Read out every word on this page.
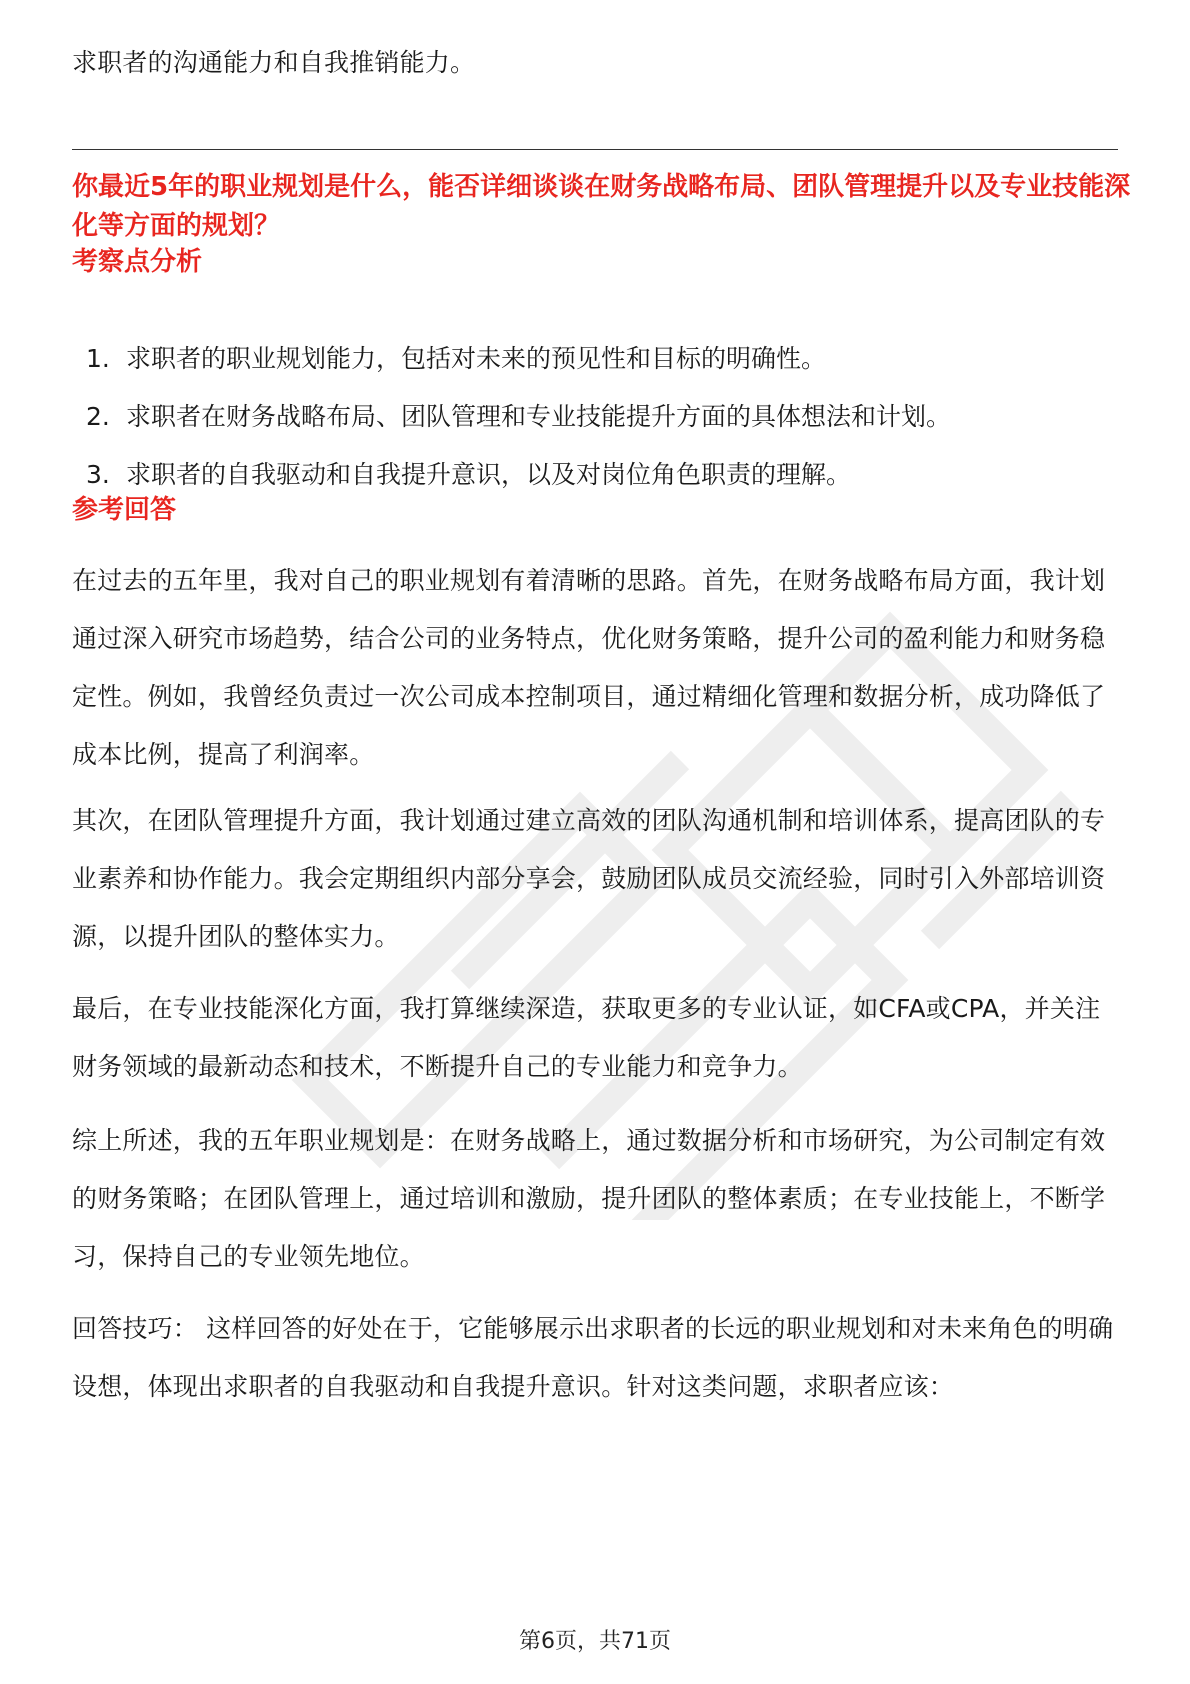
求职者的沟通能力和自我推销能力。
你最近5年的职业规划是什么，能否详细谈谈在财务战略布局、团队管理提升以及专业技能深化等方面的规划？
考察点分析
1. 求职者的职业规划能力，包括对未来的预见性和目标的明确性。
2. 求职者在财务战略布局、团队管理和专业技能提升方面的具体想法和计划。
3. 求职者的自我驱动和自我提升意识，以及对岗位角色职责的理解。
参考回答
在过去的五年里，我对自己的职业规划有着清晰的思路。首先，在财务战略布局方面，我计划通过深入研究市场趋势，结合公司的业务特点，优化财务策略，提升公司的盈利能力和财务稳定性。例如，我曾经负责过一次公司成本控制项目，通过精细化管理和数据分析，成功降低了成本比例，提高了利润率。
其次，在团队管理提升方面，我计划通过建立高效的团队沟通机制和培训体系，提高团队的专业素养和协作能力。我会定期组织内部分享会，鼓励团队成员交流经验，同时引入外部培训资源，以提升团队的整体实力。
最后，在专业技能深化方面，我打算继续深造，获取更多的专业认证，如CFA或CPA，并关注财务领域的最新动态和技术，不断提升自己的专业能力和竞争力。
综上所述，我的五年职业规划是：在财务战略上，通过数据分析和市场研究，为公司制定有效的财务策略；在团队管理上，通过培训和激励，提升团队的整体素质；在专业技能上，不断学习，保持自己的专业领先地位。
回答技巧： 这样回答的好处在于，它能够展示出求职者的长远的职业规划和对未来角色的明确设想，体现出求职者的自我驱动和自我提升意识。针对这类问题，求职者应该：
第6页，共71页
